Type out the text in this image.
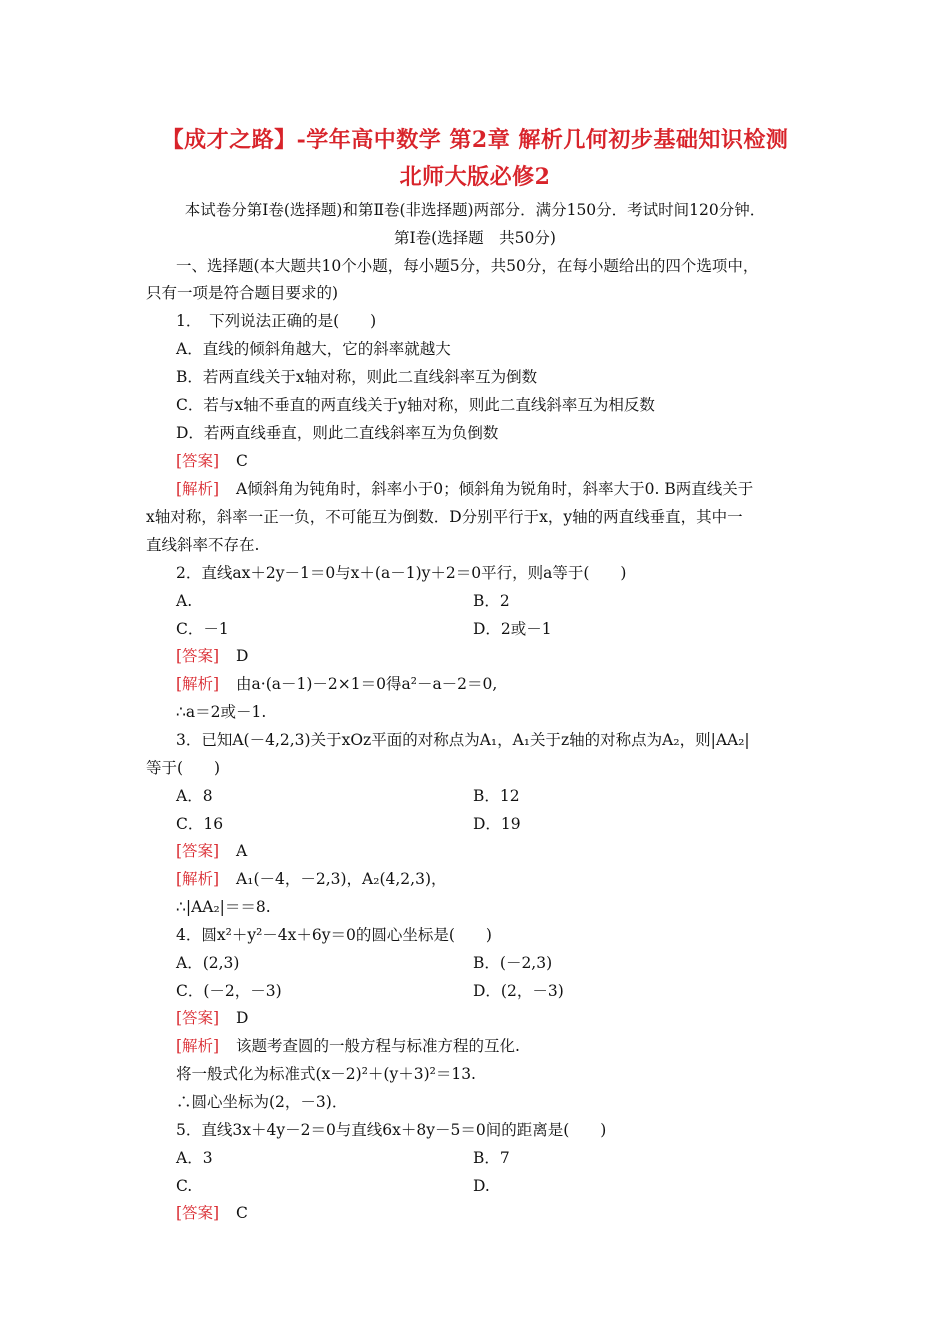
【成才之路】-学年高中数学 第2章 解析几何初步基础知识检测
北师大版必修2
本试卷分第Ⅰ卷(选择题)和第Ⅱ卷(非选择题)两部分．满分150分．考试时间120分钟．
第Ⅰ卷(选择题　共50分)
一、选择题(本大题共10个小题，每小题5分，共50分，在每小题给出的四个选项中，
只有一项是符合题目要求的)
1．　下列说法正确的是(　　)
A．直线的倾斜角越大，它的斜率就越大
B．若两直线关于x轴对称，则此二直线斜率互为倒数
C．若与x轴不垂直的两直线关于y轴对称，则此二直线斜率互为相反数
D．若两直线垂直，则此二直线斜率互为负倒数
[答案] C
[解析] A倾斜角为钝角时，斜率小于0；倾斜角为锐角时，斜率大于0. B两直线关于
x轴对称，斜率一正一负，不可能互为倒数．D分别平行于x，y轴的两直线垂直，其中一
直线斜率不存在.
2．直线ax＋2y－1＝0与x＋(a－1)y＋2＝0平行，则a等于(　　)
A.	B．2
C．－1	D．2或－1
[答案] D
[解析] 由a·(a－1)－2×1＝0得a²－a－2＝0,
∴a＝2或－1.
3．已知A(－4,2,3)关于xOz平面的对称点为A₁，A₁关于z轴的对称点为A₂，则|AA₂|
等于(　　)
A．8	B．12
C．16	D．19
[答案] A
[解析] A₁(－4，－2,3)，A₂(4,2,3)，
∴|AA₂|＝＝8.
4．圆x²＋y²－4x＋6y＝0的圆心坐标是(　　)
A．(2,3)	B．(－2,3)
C．(－2，－3)	D．(2，－3)
[答案] D
[解析] 该题考查圆的一般方程与标准方程的互化.
将一般式化为标准式(x－2)²＋(y＋3)²＝13.
∴圆心坐标为(2，－3)．
5．直线3x＋4y－2＝0与直线6x＋8y－5＝0间的距离是(　　)
A．3	B．7
C.	D.
[答案] C
